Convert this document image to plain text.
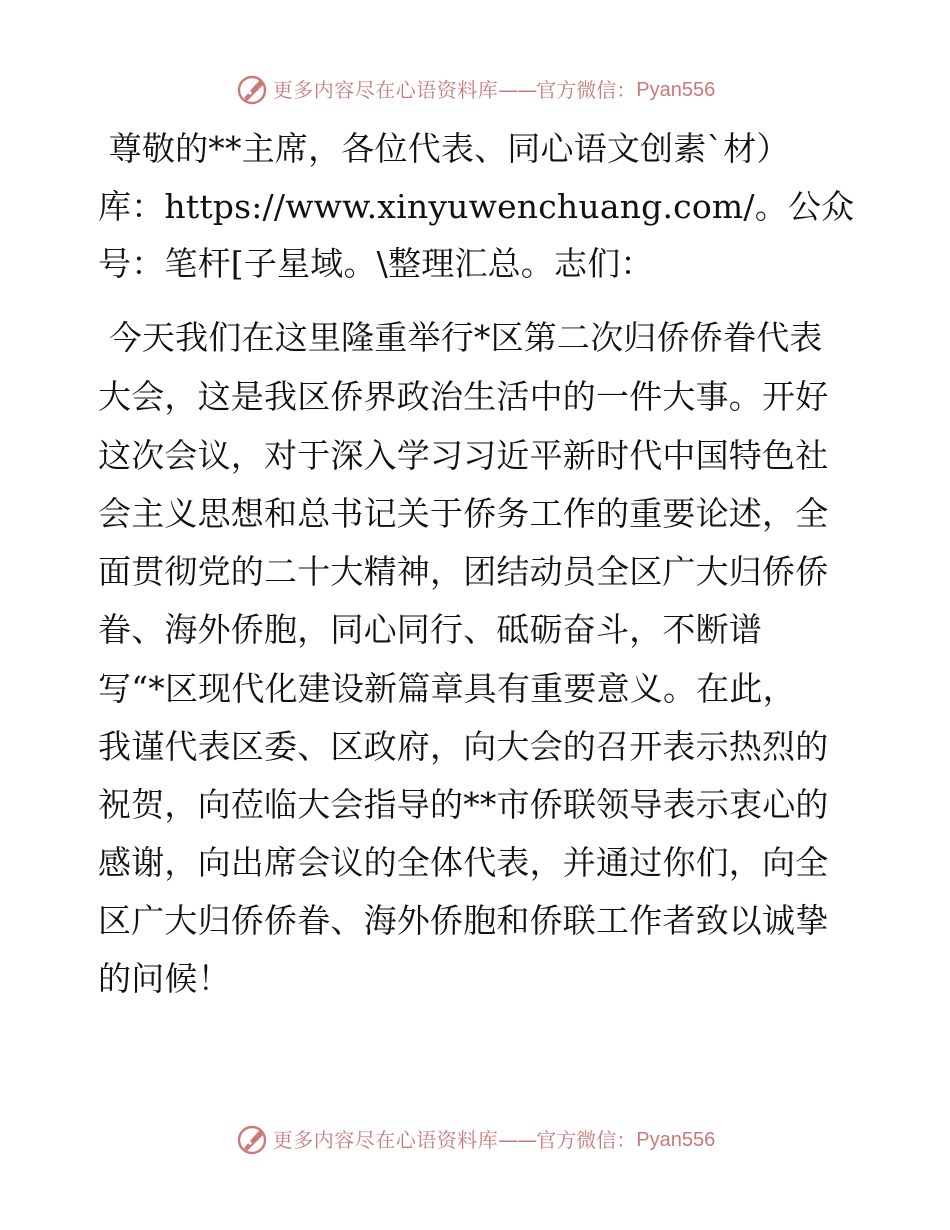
更多内容尽在心语资料库 —— 官方微信： Pyan556

尊敬的**主席，各位代表、同心语文创素`材）

库：https://www.xinyuwenchuang.com/。公众

号：笔杆[子星域。\整理汇总。志们：

今天我们在这里隆重举行*区第二次归侨侨眷代表

大会，这是我区侨界政治生活中的一件大事。开好

这次会议，对于深入学习习近平新时代中国特色社

会主义思想和总书记关于侨务工作的重要论述，全

面贯彻党的二十大精神，团结动员全区广大归侨侨

眷、海外侨胞，同心同行、砥砺奋斗，不断谱

写“*区现代化建设新篇章具有重要意义。在此，

我谨代表区委、区政府，向大会的召开表示热烈的

祝贺，向莅临大会指导的**市侨联领导表示衷心的

感谢，向出席会议的全体代表，并通过你们，向全

区广大归侨侨眷、海外侨胞和侨联工作者致以诚挚

的问候！

更多内容尽在心语资料库 —— 官方微信： Pyan556
